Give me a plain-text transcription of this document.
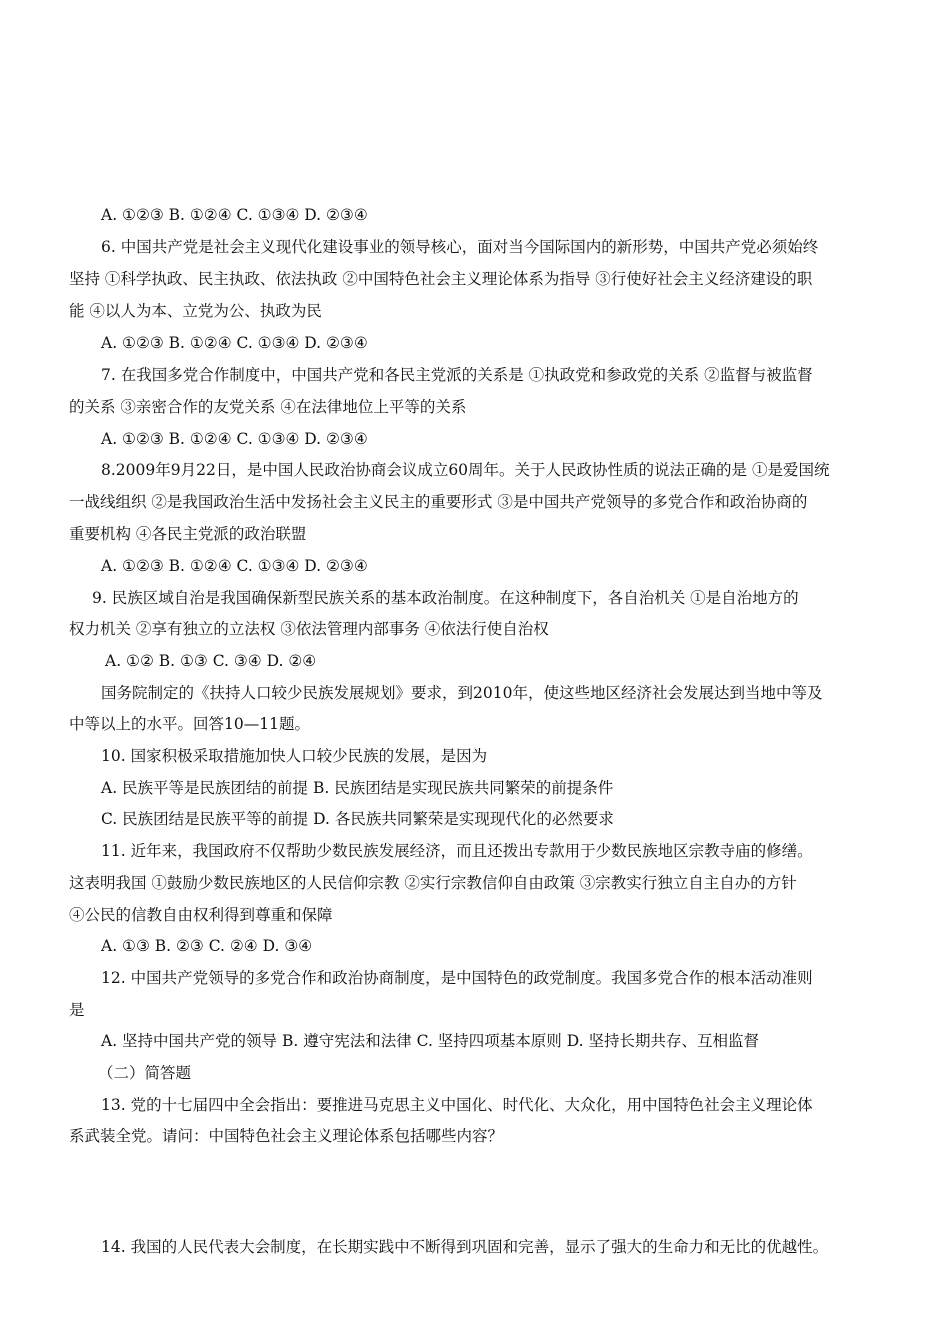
A. ①②③ B. ①②④ C. ①③④ D. ②③④
6. 中国共产党是社会主义现代化建设事业的领导核心，面对当今国际国内的新形势，中国共产党必须始终
坚持 ①科学执政、民主执政、依法执政 ②中国特色社会主义理论体系为指导 ③行使好社会主义经济建设的职
能 ④以人为本、立党为公、执政为民
A. ①②③ B. ①②④ C. ①③④ D. ②③④
7. 在我国多党合作制度中，中国共产党和各民主党派的关系是 ①执政党和参政党的关系 ②监督与被监督
的关系 ③亲密合作的友党关系 ④在法律地位上平等的关系
A. ①②③ B. ①②④ C. ①③④ D. ②③④
8.2009年9月22日，是中国人民政治协商会议成立60周年。关于人民政协性质的说法正确的是 ①是爱国统
一战线组织 ②是我国政治生活中发扬社会主义民主的重要形式 ③是中国共产党领导的多党合作和政治协商的
重要机构 ④各民主党派的政治联盟
A. ①②③ B. ①②④ C. ①③④ D. ②③④
9. 民族区域自治是我国确保新型民族关系的基本政治制度。在这种制度下，各自治机关 ①是自治地方的
权力机关 ②享有独立的立法权 ③依法管理内部事务 ④依法行使自治权
A. ①② B. ①③ C. ③④ D. ②④
国务院制定的《扶持人口较少民族发展规划》要求，到2010年，使这些地区经济社会发展达到当地中等及
中等以上的水平。回答10—11题。
10. 国家积极采取措施加快人口较少民族的发展，是因为
A. 民族平等是民族团结的前提 B. 民族团结是实现民族共同繁荣的前提条件
C. 民族团结是民族平等的前提 D. 各民族共同繁荣是实现现代化的必然要求
11. 近年来，我国政府不仅帮助少数民族发展经济，而且还拨出专款用于少数民族地区宗教寺庙的修缮。
这表明我国 ①鼓励少数民族地区的人民信仰宗教 ②实行宗教信仰自由政策 ③宗教实行独立自主自办的方针
④公民的信教自由权利得到尊重和保障
A. ①③ B. ②③ C. ②④ D. ③④
12. 中国共产党领导的多党合作和政治协商制度，是中国特色的政党制度。我国多党合作的根本活动准则
是
A. 坚持中国共产党的领导 B. 遵守宪法和法律 C. 坚持四项基本原则 D. 坚持长期共存、互相监督
（二）简答题
13. 党的十七届四中全会指出：要推进马克思主义中国化、时代化、大众化，用中国特色社会主义理论体
系武装全党。请问：中国特色社会主义理论体系包括哪些内容？
14. 我国的人民代表大会制度，在长期实践中不断得到巩固和完善，显示了强大的生命力和无比的优越性。
